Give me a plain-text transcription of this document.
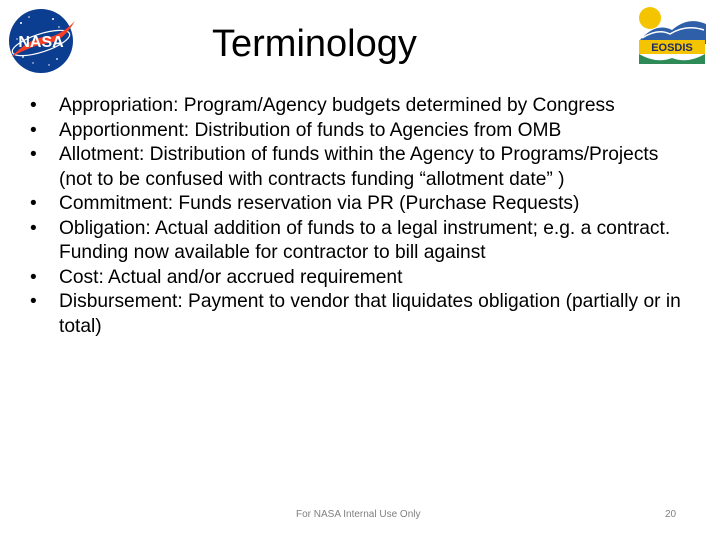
NASA	EOSDIS
Terminology
• Appropriation: Program/Agency budgets determined by Congress
• Apportionment: Distribution of funds to Agencies from OMB
• Allotment: Distribution of funds within the Agency to Programs/Projects (not to be confused with contracts funding “allotment date” )
• Commitment: Funds reservation via PR (Purchase Requests)
• Obligation: Actual addition of funds to a legal instrument; e.g. a contract. Funding now available for contractor to bill against
• Cost: Actual and/or accrued requirement
• Disbursement: Payment to vendor that liquidates obligation (partially or in total)
For NASA Internal Use Only	20
